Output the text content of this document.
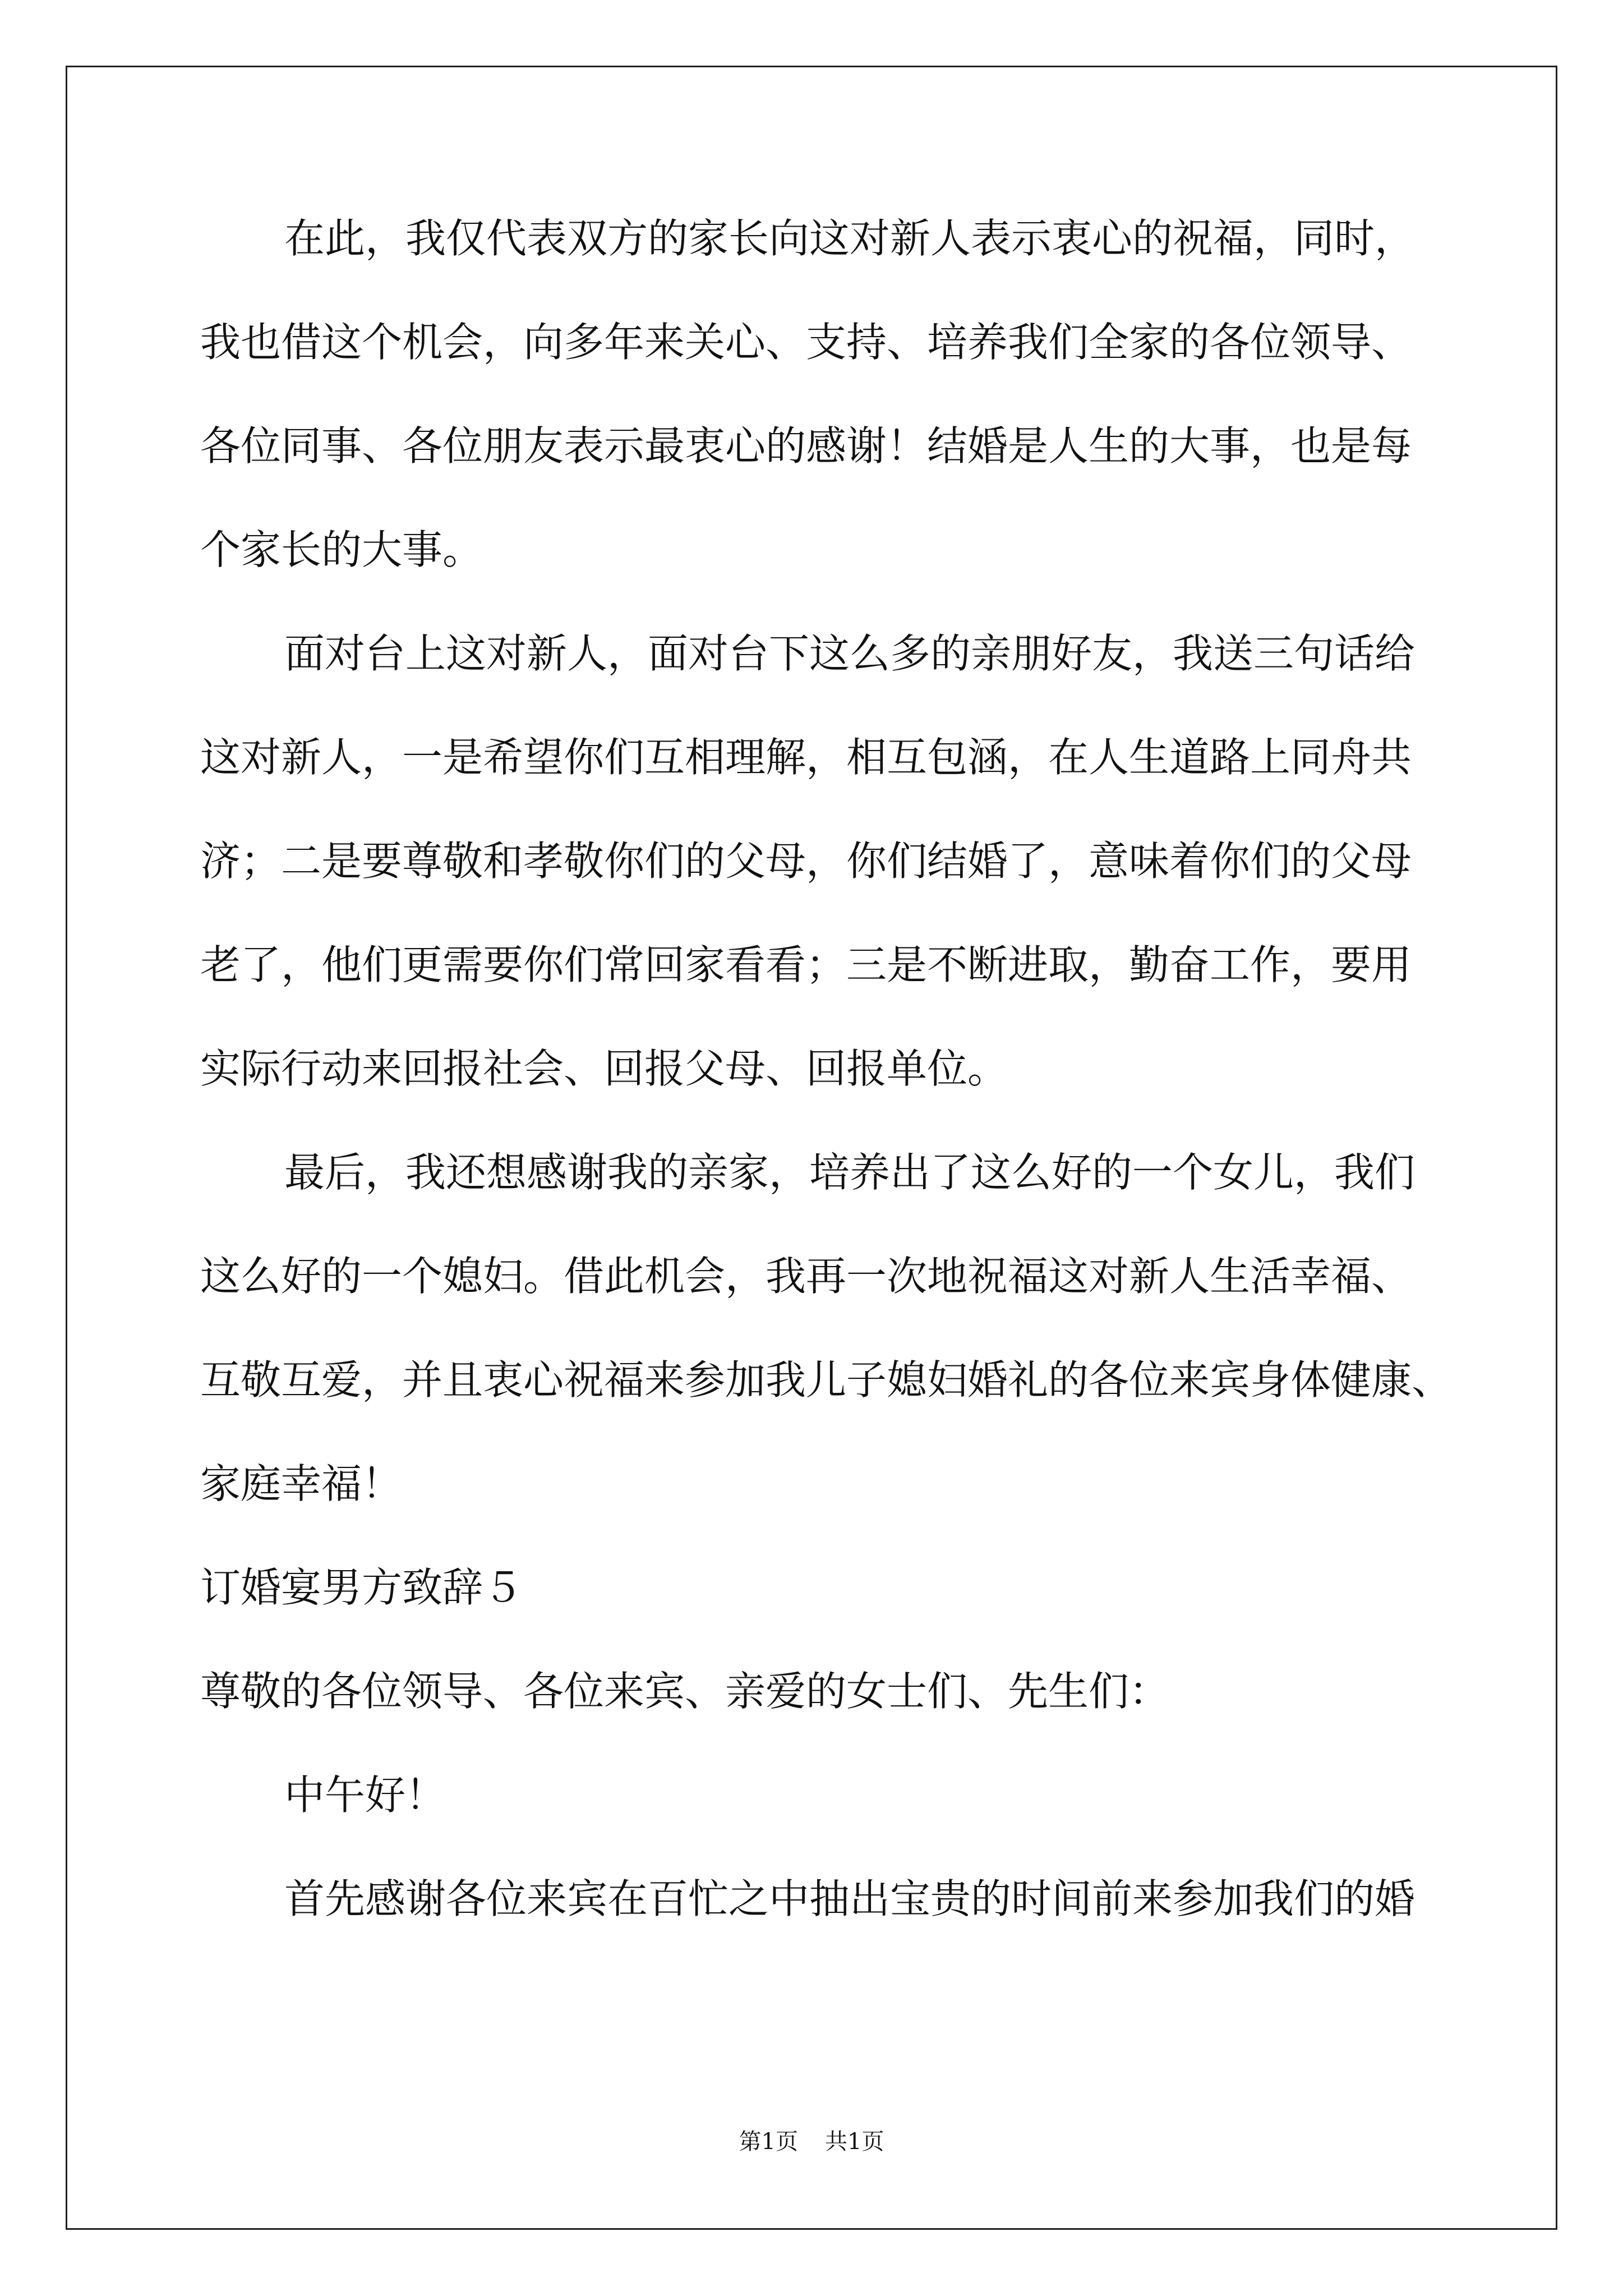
在此，我仅代表双方的家长向这对新人表示衷心的祝福，同时，
我也借这个机会，向多年来关心、支持、培养我们全家的各位领导、
各位同事、各位朋友表示最衷心的感谢！结婚是人生的大事，也是每
个家长的大事。
面对台上这对新人，面对台下这么多的亲朋好友，我送三句话给
这对新人，一是希望你们互相理解，相互包涵，在人生道路上同舟共
济；二是要尊敬和孝敬你们的父母，你们结婚了，意味着你们的父母
老了，他们更需要你们常回家看看；三是不断进取，勤奋工作，要用
实际行动来回报社会、回报父母、回报单位。
最后，我还想感谢我的亲家，培养出了这么好的一个女儿，我们
这么好的一个媳妇。借此机会，我再一次地祝福这对新人生活幸福、
互敬互爱，并且衷心祝福来参加我儿子媳妇婚礼的各位来宾身体健康、
家庭幸福！
订婚宴男方致辞５
尊敬的各位领导、各位来宾、亲爱的女士们、先生们：
中午好！
首先感谢各位来宾在百忙之中抽出宝贵的时间前来参加我们的婚
第1页 共1页
